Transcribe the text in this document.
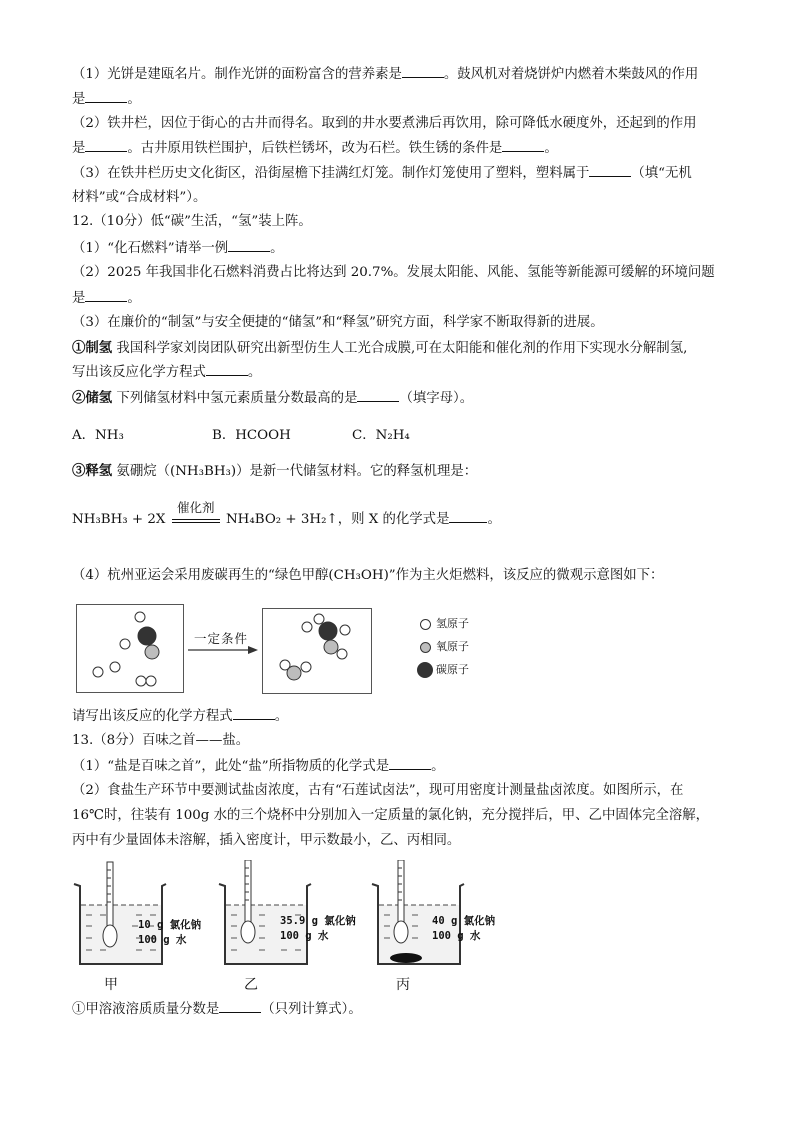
（1）光饼是建瓯名片。制作光饼的面粉富含的营养素是	。鼓风机对着烧饼炉内燃着木柴鼓风的作用
是	。
（2）铁井栏，因位于街心的古井而得名。取到的井水要煮沸后再饮用，除可降低水硬度外，还起到的作用
是	。古井原用铁栏围护，后铁栏锈坏，改为石栏。铁生锈的条件是	。
（3）在铁井栏历史文化街区，沿街屋檐下挂满红灯笼。制作灯笼使用了塑料，塑料属于	（填“无机
材料”或“合成材料”）。
12.（10分）低“碳”生活，“氢”装上阵。
（1）“化石燃料”请举一例	。
（2）2025 年我国非化石燃料消费占比将达到 20.7%。发展太阳能、风能、氢能等新能源可缓解的环境问题
是	。
（3）在廉价的“制氢”与安全便捷的“储氢”和“释氢”研究方面，科学家不断取得新的进展。
①制氢 我国科学家刘岗团队研究出新型仿生人工光合成膜,可在太阳能和催化剂的作用下实现水分解制氢,
写出该反应化学方程式	。
②储氢 下列储氢材料中氢元素质量分数最高的是	（填字母）。
A．NH₃	B．HCOOH	C．N₂H₄
③释氢 氨硼烷（(NH₃BH₃)）是新一代储氢材料。它的释氢机理是：
NH₃BH₃ + 2X
催化剂
NH₄BO₂ + 3H₂↑，则 X 的化学式是	。
（4）杭州亚运会采用废碳再生的“绿色甲醇(CH₃OH)”作为主火炬燃料，该反应的微观示意图如下：
一定条件
氢原子
氧原子
碳原子
请写出该反应的化学方程式	。
13.（8分）百味之首——盐。
（1）“盐是百味之首”，此处“盐”所指物质的化学式是	。
（2）食盐生产环节中要测试盐卤浓度，古有“石莲试卤法”，现可用密度计测量盐卤浓度。如图所示，在
16℃时，往装有 100g 水的三个烧杯中分别加入一定质量的氯化钠，充分搅拌后，甲、乙中固体完全溶解，
丙中有少量固体未溶解，插入密度计，甲示数最小，乙、丙相同。
10 g 氯化钠
100 g 水
甲
35.9 g 氯化钠
100 g 水
乙
40 g 氯化钠
100 g 水
丙
①甲溶液溶质质量分数是	（只列计算式）。
